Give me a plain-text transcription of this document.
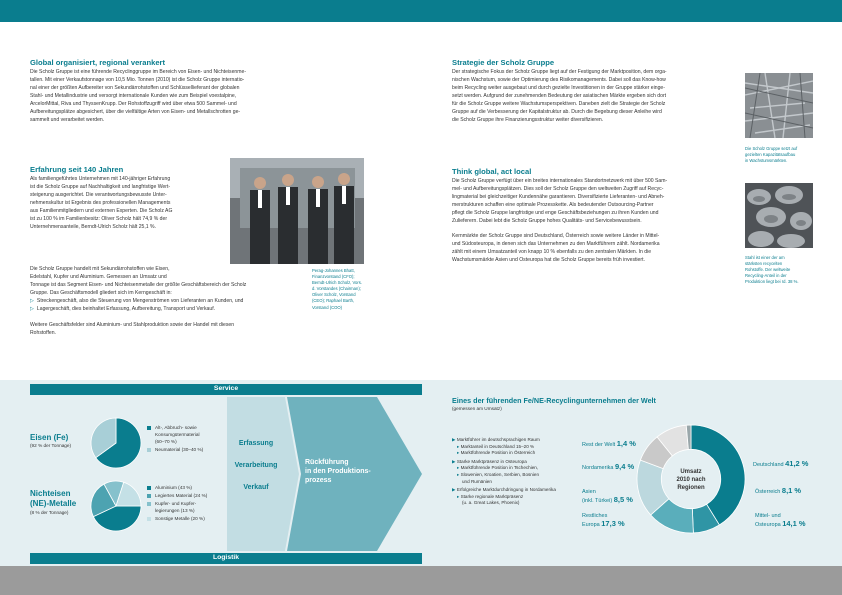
Global organisiert, regional verankert
Die Scholz Gruppe ist eine führende Recyclinggruppe im Bereich von Eisen- und Nichteisenme-
tallen. Mit einer Verkaufstonnage von 10,5 Mio. Tonnen (2010) ist die Scholz Gruppe internatio-
nal einer der größten Aufbereiter von Sekundärrohstoffen und Schlüssellieferant der globalen
Stahl- und Metallindustrie und versorgt internationale Kunden wie zum Beispiel voestalpine,
ArcelorMittal, Riva und ThyssenKrupp. Der Rohstoffzugriff wird über etwa 500 Sammel- und
Aufbereitungsplätze abgesichert, über die vielfältige Arten von Eisen- und Metallschrotten ge-
sammelt und verarbeitet werden.
Erfahrung seit 140 Jahren
Als familiengeführtes Unternehmen mit 140-jähriger Erfahrung
ist die Scholz Gruppe auf Nachhaltigkeit und langfristige Wert-
steigerung ausgerichtet. Die verantwortungsbewusste Unter-
nehmenskultur ist Ergebnis des professionellen Managements
aus Familienmitgliedern und externen Experten. Die Scholz AG
ist zu 100 % im Familienbesitz: Oliver Scholz hält 74,9 % der
Unternehmensanteile, Berndt-Ulrich Scholz hält 25,1 %.
Perag-Johannes Bhatt,
Finanzvorstand (CFO);
Berndt-Ulrich Scholz, Vors.
d. Vorstandes (Chairman);
Oliver Scholz, Vorstand
(CEO); Raphael Barth,
Vorstand (COO)
Die Scholz Gruppe handelt mit Sekundärrohstoffen wie Eisen,
Edelstahl, Kupfer und Aluminium. Gemessen an Umsatz und
Tonnage ist das Segment Eisen- und Nichteisenmetalle der größte Geschäftsbereich der Scholz
Gruppe. Das Geschäftsmodell gliedert sich im Kerngeschäft in:
▷ Streckengeschäft, also die Steuerung von Mengenströmen von Lieferanten an Kunden, und
▷ Lagergeschäft, dies beinhaltet Erfassung, Aufbereitung, Transport und Verkauf.
Weitere Geschäftsfelder sind Aluminium- und Stahlproduktion sowie der Handel mit diesen
Rohstoffen.
Strategie der Scholz Gruppe
Der strategische Fokus der Scholz Gruppe liegt auf der Festigung der Marktposition, dem orga-
nischen Wachstum, sowie der Optimierung des Risikomanagements. Dabei soll das Know-how
beim Recycling weiter ausgebaut und durch gezielte Investitionen in der Gruppe stärker einge-
setzt werden. Aufgrund der zunehmenden Bedeutung der asiatischen Märkte ergeben sich dort
für die Scholz Gruppe weitere Wachstumsperspektiven. Daneben zielt die Strategie der Scholz
Gruppe auf die Verbesserung der Kapitalstruktur ab. Durch die Begebung dieser Anleihe wird
die Scholz Gruppe ihre Finanzierungsstruktur weiter diversifizieren.
Die Scholz Gruppe setzt auf
gezielten Kapazitätsaufbau
in Wachstumsmärkten.
Think global, act local
Die Scholz Gruppe verfügt über ein breites internationales Standortnetzwerk mit über 500 Sam-
mel- und Aufbereitungsplätzen. Dies soll der Scholz Gruppe den weltweiten Zugriff auf Recyc-
lingmaterial bei gleichzeitiger Kundennähe garantieren. Diversifizierte Lieferanten- und Abneh-
merstrukturen schaffen eine optimale Prozesskette. Als bedeutender Outsourcing-Partner
pflegt die Scholz Gruppe langfristige und enge Geschäftsbeziehungen zu ihren Kunden und
Zulieferern. Dabei lebt die Scholz Gruppe hohes Qualitäts- und Servicebewusstsein.
Kernmärkte der Scholz Gruppe sind Deutschland, Österreich sowie weitere Länder in Mittel-
und Südosteuropa, in denen sich das Unternehmen zu den Marktführern zählt. Nordamerika
zählt mit einem Umsatzanteil von knapp 10 % ebenfalls zu den zentralen Märkten. In die
Wachstumsmärkte Asien und Osteuropa hat die Scholz Gruppe bereits früh investiert.	Stahl ist einer der am
stärksten recycelten
Rohstoffe. Der weltweite
Recycling-Anteil in der
Produktion liegt bei rd. 38 %.
Service
Logistik
Eisen (Fe)
(92 % der Tonnage)
Alt-, Abbruch- sowie
Konsumgütermaterial
(60–70 %)
Neumaterial (30–40 %)
Nichteisen
(NE)-Metalle
(8 % der Tonnage)
Aluminium (43 %)
Legiertes Material (24 %)
Kupfer- und Kupfer-
legierungen (13 %)
Sonstige Metalle (20 %)
Erfassung
Verarbeitung
Verkauf
Rückführung
in den Produktions-
prozess
Eines der führenden Fe/NE-Recyclingunternehmen der Welt
(gemessen am Umsatz)
▶ Marktführer im deutschsprachigen Raum
▸ Marktanteil in Deutschland 15–20 %
▸ Marktführende Position in Österreich
▶ Starke Marktpräsenz in Osteuropa
▸ Marktführende Position in Tschechien,
▸ Slowenien, Kroatien, Serbien, Bosnien
und Rumänien
▶ Erfolgreiche Marktdurchdringung in Nordamerika
▸ Starke regionale Marktpräsenz
(u. a. Great Lakes, Phoenix)
Umsatz
2010 nach
Regionen
Deutschland 41,2 %
Österreich 8,1 %
Mittel- und
Osteuropa 14,1 %
Restliches
Europa 17,3 %
Asien
(inkl. Türkei) 8,5 %
Nordamerika 9,4 %
Rest der Welt 1,4 %
